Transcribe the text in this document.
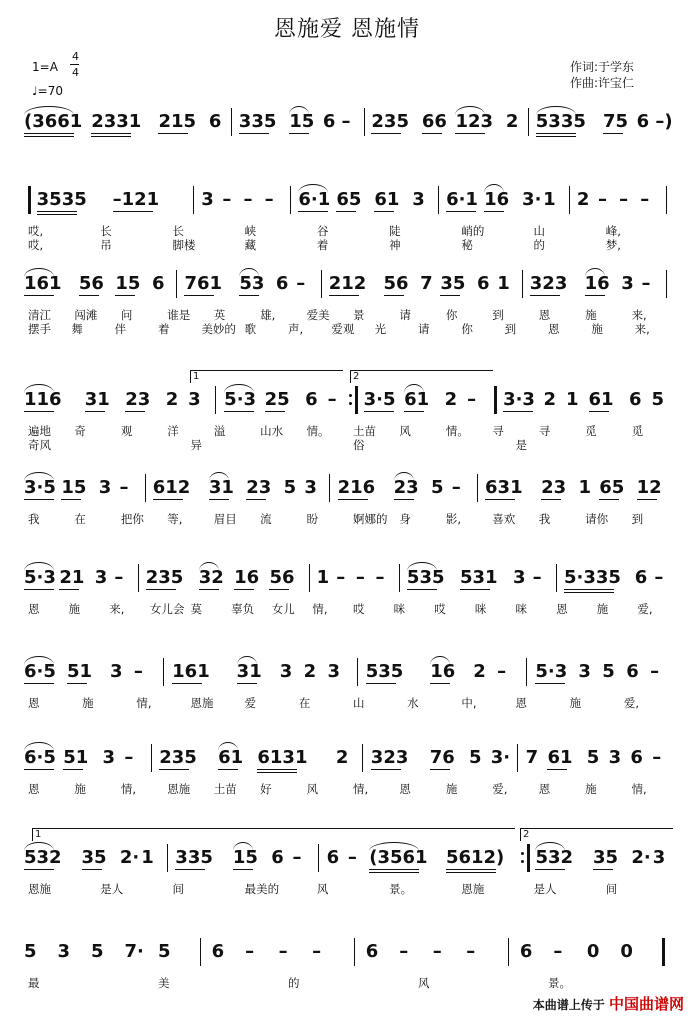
恩施爱 恩施情
1=A
4
4
♩=70
作词:于学东
作曲:许宝仁
(3661 2331 215 6 335 15 6 – 235 66 123 2 5335 75 6 –)
3535 –121 3 – – – 6·1 65 61 3 6·1 16 3· 1 2 – – –
哎,	长	长	峡	谷	陡	峭的	山	峰,
哎,	吊	脚楼	藏	着	神	秘	的	梦,
161 56 15 6 761 53 6 – 212 56 7 35 6 1 323 16 3 –
清江 闯滩 问	谁是 英	雄,	爱美 景	请	你	到	恩	施	来,
摆手 舞	伴	着	美妙的 歌	声, 爱观 光	请	你	到	恩	施	来,
116 31 23 2 3 5·3 25 6 – 3·5 61 2 – 3·3 2 1 61 6 5
遍地 奇	观	洋	溢	山水 情。 土苗 风	情。 寻	寻	觅	觅
奇风	异	俗	是
3·5 15 3 – 612 31 23 5 3 216 23 5 – 631 23 1 65 12
我	在	把你 等,	眉目 流	盼	婀娜的 身	影,	喜欢 我	请你 到
5·3 21 3 – 235 32 16 56 1 – – – 535 531 3 – 5·335 6 –
恩	施	来, 女儿会 莫	辜负 女儿 情, 哎	咪	哎	咪	咪	恩	施	爱,
6·5 51 3 – 161 31 3 2 3 535 16 2 – 5·3 3 5 6 –
恩	施	情,	恩施	爱	在	山	水	中,	恩	施	爱,
6·5 51 3 – 235 61 6131 2 323 76 5 3· 7 61 5 3 6 –
恩	施	情,	恩施 土苗 好	风	情,	恩	施	爱,	恩	施	情,
532 35 2· 1 335 15 6 – 6 – (3561 5612) 532 35 2· 3
恩施	是人	间	最美的	风	景。	恩施	是人	间
5 3 5 7· 5 6 – – – 6 – – – 6 – 0 0
最	美	的	风	景。
1	2
1	2
本曲谱上传于 中国曲谱网
